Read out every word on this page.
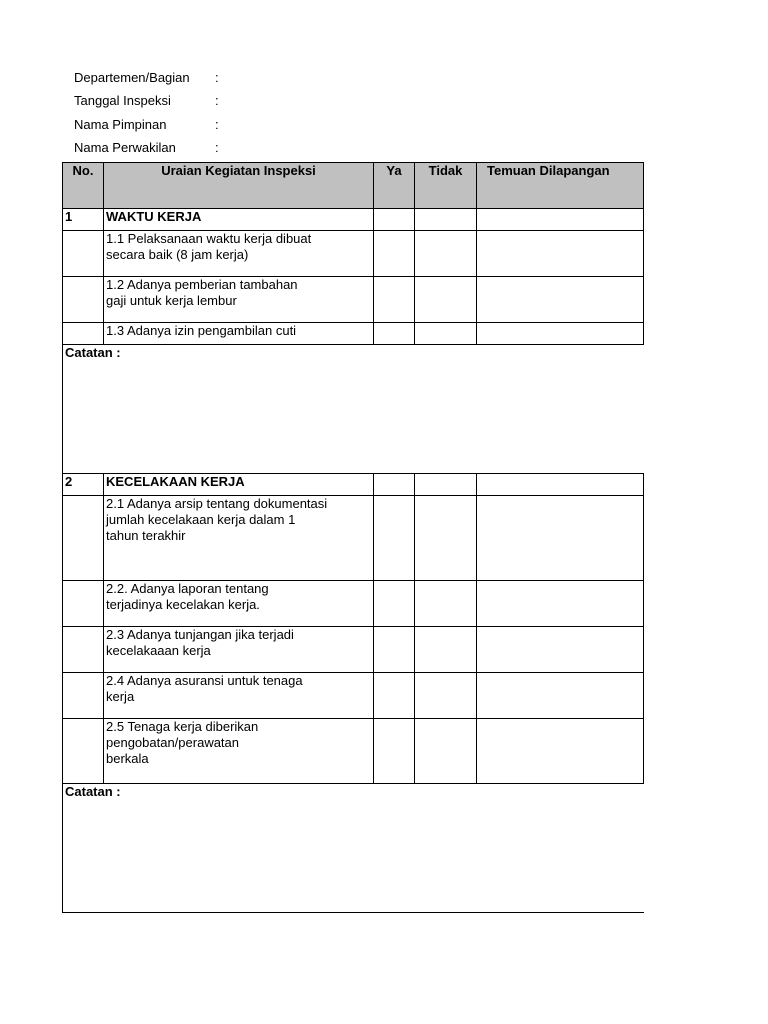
Departemen/Bagian :
Tanggal Inspeksi	:
Nama Pimpinan	:
Nama Perwakilan	:
No.	Uraian Kegiatan Inspeksi	Ya	Tidak	Temuan Dilapangan
1	WAKTU KERJA			

	1.1 Pelaksanaan waktu kerja dibuat
secara baik (8 jam kerja)			

	1.2 Adanya pemberian tambahan
gaji untuk kerja lembur			

	1.3 Adanya izin pengambilan cuti			

Catatan :				
2	KECELAKAAN KERJA			

	2.1 Adanya arsip tentang dokumentasi
jumlah kecelakaan kerja dalam 1
tahun terakhir			

	2.2. Adanya laporan tentang
terjadinya kecelakan kerja.			

	2.3 Adanya tunjangan jika terjadi
kecelakaaan kerja			

	2.4 Adanya asuransi untuk tenaga
kerja			

	2.5 Tenaga kerja diberikan
pengobatan/perawatan
berkala			

Catatan :				
